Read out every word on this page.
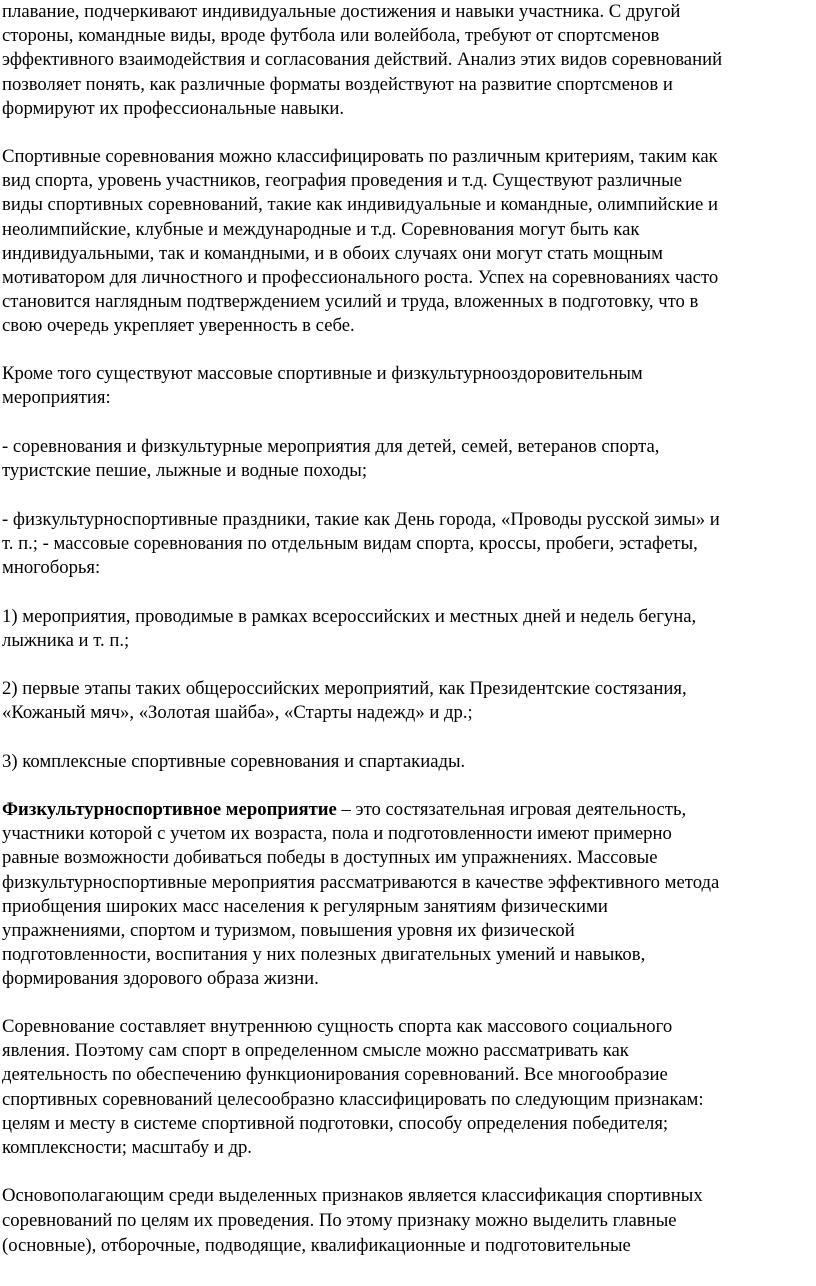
плавание, подчеркивают индивидуальные достижения и навыки участника. С другой
стороны, командные виды, вроде футбола или волейбола, требуют от спортсменов
эффективного взаимодействия и согласования действий. Анализ этих видов соревнований
позволяет понять, как различные форматы воздействуют на развитие спортсменов и
формируют их профессиональные навыки.

Спортивные соревнования можно классифицировать по различным критериям, таким как
вид спорта, уровень участников, география проведения и т.д. Существуют различные
виды спортивных соревнований, такие как индивидуальные и командные, олимпийские и
неолимпийские, клубные и международные и т.д. Соревнования могут быть как
индивидуальными, так и командными, и в обоих случаях они могут стать мощным
мотиватором для личностного и профессионального роста. Успех на соревнованиях часто
становится наглядным подтверждением усилий и труда, вложенных в подготовку, что в
свою очередь укрепляет уверенность в себе.

Кроме того существуют массовые спортивные и физкультурнооздоровительным
мероприятия:

- соревнования и физкультурные мероприятия для детей, семей, ветеранов спорта,
туристские пешие, лыжные и водные походы;

- физкультурноспортивные праздники, такие как День города, «Проводы русской зимы» и
т. п.; - массовые соревнования по отдельным видам спорта, кроссы, пробеги, эстафеты,
многоборья:

1) мероприятия, проводимые в рамках всероссийских и местных дней и недель бегуна,
лыжника и т. п.;

2) первые этапы таких общероссийских мероприятий, как Президентские состязания,
«Кожаный мяч», «Золотая шайба», «Старты надежд» и др.;

3) комплексные спортивные соревнования и спартакиады.

Физкультурноспортивное мероприятие – это состязательная игровая деятельность,
участники которой с учетом их возраста, пола и подготовленности имеют примерно
равные возможности добиваться победы в доступных им упражнениях. Массовые
физкультурноспортивные мероприятия рассматриваются в качестве эффективного метода
приобщения широких масс населения к регулярным занятиям физическими
упражнениями, спортом и туризмом, повышения уровня их физической
подготовленности, воспитания у них полезных двигательных умений и навыков,
формирования здорового образа жизни.

Соревнование составляет внутреннюю сущность спорта как массового социального
явления. Поэтому сам спорт в определенном смысле можно рассматривать как
деятельность по обеспечению функционирования соревнований. Все многообразие
спортивных соревнований целесообразно классифицировать по следующим признакам:
целям и месту в системе спортивной подготовки, способу определения победителя;
комплексности; масштабу и др.

Основополагающим среди выделенных признаков является классификация спортивных
соревнований по целям их проведения. По этому признаку можно выделить главные
(основные), отборочные, подводящие, квалификационные и подготовительные
